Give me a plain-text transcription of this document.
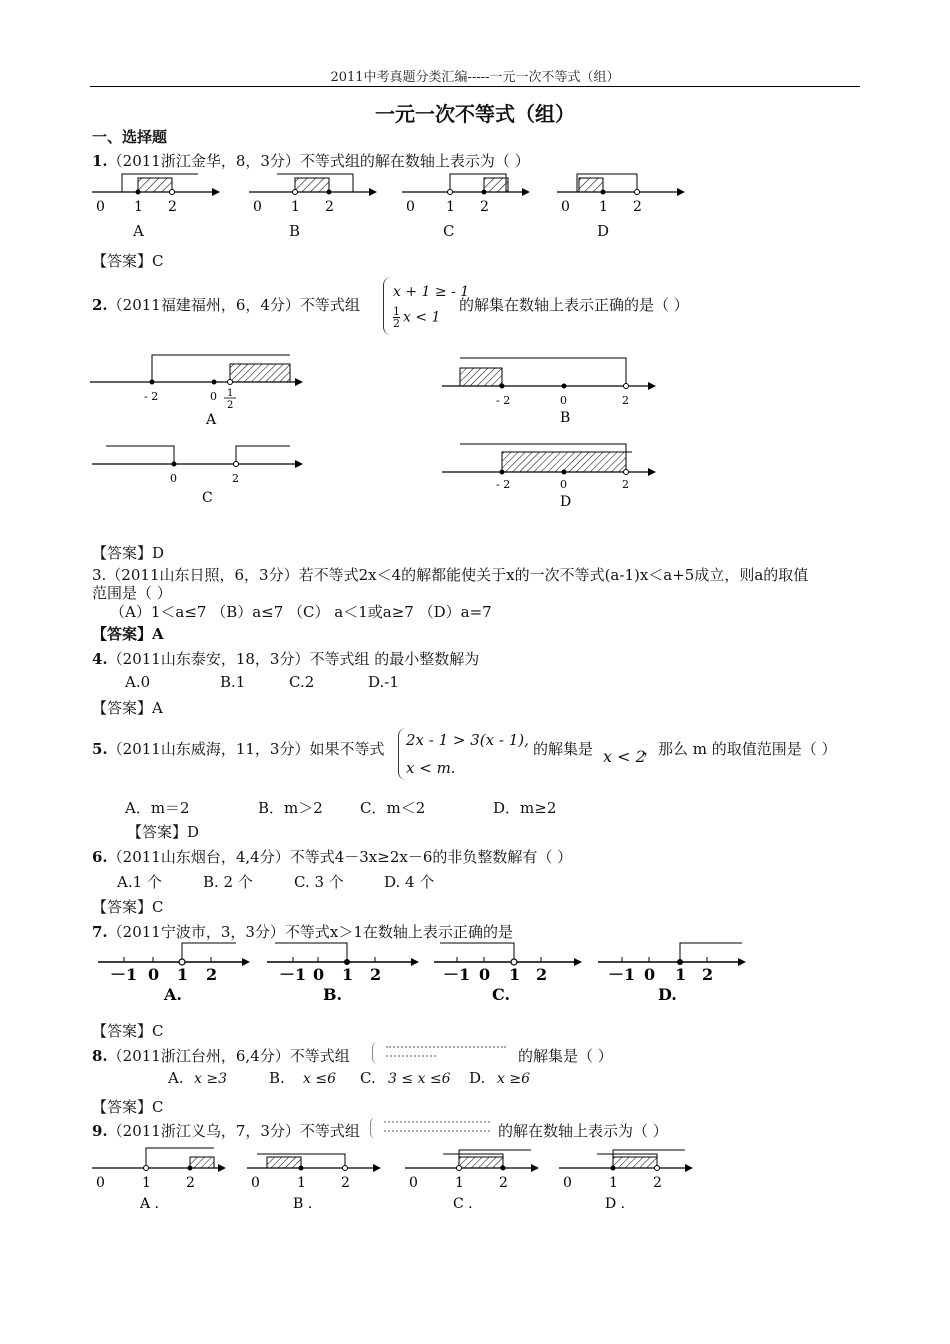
2011中考真题分类汇编-----一元一次不等式（组）
一元一次不等式（组）
一、选择题
1.（2011浙江金华，8，3分）不等式组的解在数轴上表示为（ ）
0 1 2	0 1 2	0 1 2	0 1 2
A	B	C	D
【答案】C
2.（2011福建福州，6，4分）不等式组
x + 1 ≥ - 1
$\frac{1}{2}$ x < 1
的解集在数轴上表示正确的是（ ）
- 2	0 1
2
A
- 2	0	2
B
0	2
C
- 2	0	2
D
【答案】D
3.（2011山东日照，6，3分）若不等式2x＜4的解都能使关于x的一次不等式(a-1)x＜a+5成立，则a的取值
范围是（ ）
（A）1＜a≤7 （B）a≤7 （C） a＜1或a≥7 （D）a=7
【答案】A
4.（2011山东泰安，18，3分）不等式组 的最小整数解为
A.0	B.1	C.2	D.-1
【答案】A
5.（2011山东威海，11，3分）如果不等式 2x - 1 > 3(x - 1),
x < m.
的解集是 x < 2
，那么 m 的取值范围是（ ）
A．m＝2	B．m＞2 C．m＜2	D．m≥2
【答案】D
6.（2011山东烟台，4,4分）不等式4－3x≥2x－6的非负整数解有（ ）
A.1 个	B. 2 个	C. 3 个	D. 4 个
【答案】C
7.（2011宁波市，3，3分）不等式x＞1在数轴上表示正确的是
－1 0 1 2
A.
－1 0 1 2
B.
－1 0 1 2
C.
－1 0 1 2
D.
【答案】C
8.（2011浙江台州，6,4分）不等式组	的解集是（ ）
A. x ≥3	B. x ≤6 C. 3 ≤ x ≤6 D. x ≥6
【答案】C
9.（2011浙江义乌，7，3分）不等式组	的解在数轴上表示为（ ）
0	1	2
A .
0	1	2
B .
0	1	2
C .
0	1	2
D .
